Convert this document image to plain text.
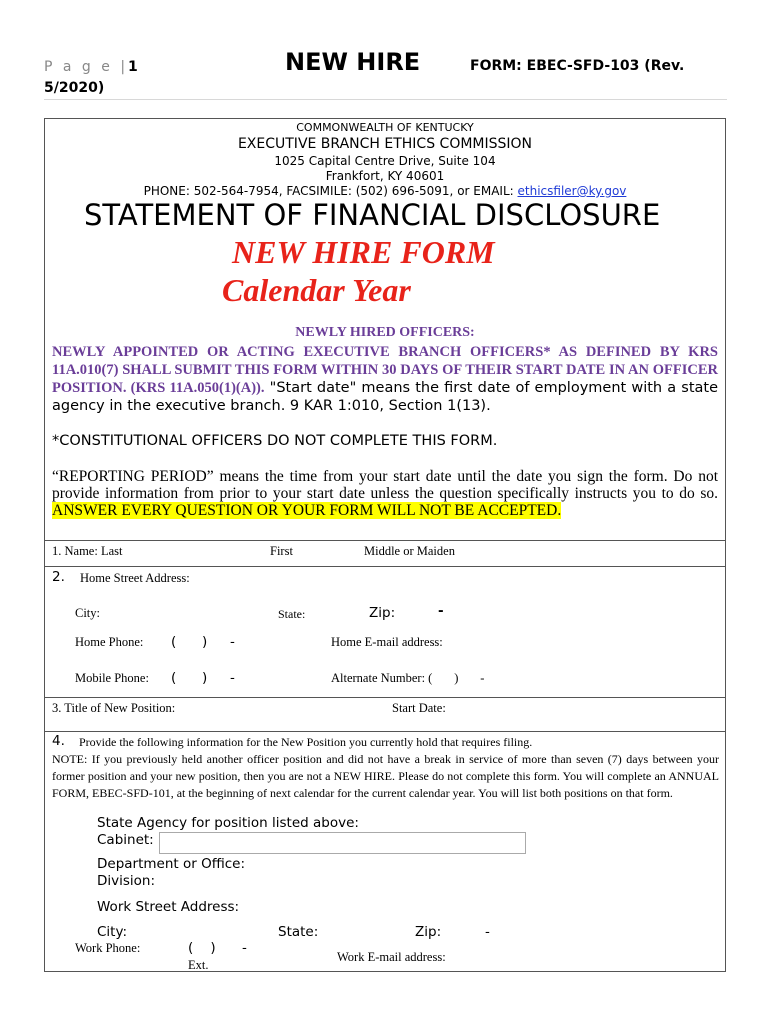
P a g e |1	NEW HIRE	FORM: EBEC-SFD-103 (Rev.
5/2020)
COMMONWEALTH OF KENTUCKY
EXECUTIVE BRANCH ETHICS COMMISSION
1025 Capital Centre Drive, Suite 104
Frankfort, KY 40601
PHONE: 502-564-7954, FACSIMILE: (502) 696-5091, or EMAIL: ethicsfiler@ky.gov
STATEMENT OF FINANCIAL DISCLOSURE
NEW HIRE FORM
Calendar Year
NEWLY HIRED OFFICERS:
NEWLY APPOINTED OR ACTING EXECUTIVE BRANCH OFFICERS* AS DEFINED BY KRS 11A.010(7) SHALL SUBMIT THIS FORM WITHIN 30 DAYS OF THEIR START DATE IN AN OFFICER POSITION. (KRS 11A.050(1)(A)). "Start date" means the first date of employment with a state agency in the executive branch. 9 KAR 1:010, Section 1(13).
*CONSTITUTIONAL OFFICERS DO NOT COMPLETE THIS FORM.
“REPORTING PERIOD” means the time from your start date until the date you sign the form. Do not provide information from prior to your start date unless the question specifically instructs you to do so. ANSWER EVERY QUESTION OR YOUR FORM WILL NOT BE ACCEPTED.
1. Name: Last	First	Middle or Maiden
2. Home Street Address:
City:	State:	Zip:	-
Home Phone: (      ) -	Home E-mail address:
Mobile Phone: (      ) -	Alternate Number: (       )       -
3. Title of New Position:	Start Date:
4. Provide the following information for the New Position you currently hold that requires filing.
NOTE: If you previously held another officer position and did not have a break in service of more than seven (7) days between your former position and your new position, then you are not a NEW HIRE. Please do not complete this form. You will complete an ANNUAL FORM, EBEC-SFD-101, at the beginning of next calendar for the current calendar year. You will list both positions on that form.
State Agency for position listed above:
Cabinet:
Department or Office:
Division:
Work Street Address:
City:	State:	Zip:	-
Work Phone:	(    ) -
Ext.
Work E-mail address:
